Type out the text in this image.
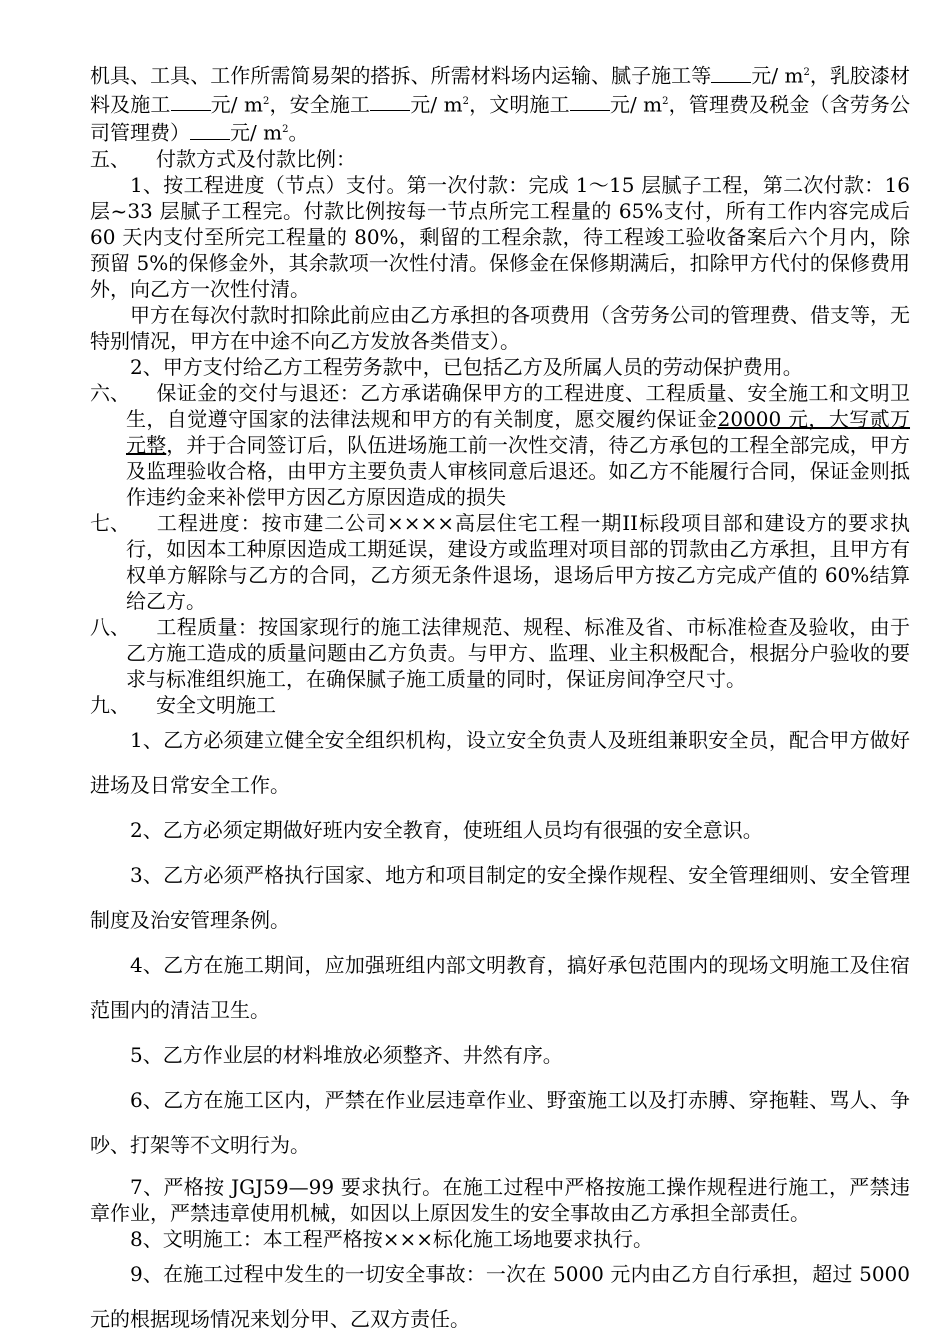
机具、工具、工作所需简易架的搭拆、所需材料场内运输、腻子施工等 元/ $m^2$，乳胶漆材料及施工 元/ $m^2$，安全施工 元/ $m^2$，文明施工 元/ $m^2$，管理费及税金（含劳务公司管理费） 元/ $m^2$。

五、 付款方式及付款比例：

1、按工程进度（节点）支付。第一次付款：完成 1～15 层腻子工程，第二次付款：16 层~33 层腻子工程完。付款比例按每一节点所完工程量的 65%支付，所有工作内容完成后 60 天内支付至所完工程量的 80%，剩留的工程余款，待工程竣工验收备案后六个月内，除预留 5%的保修金外，其余款项一次性付清。保修金在保修期满后，扣除甲方代付的保修费用外，向乙方一次性付清。

甲方在每次付款时扣除此前应由乙方承担的各项费用（含劳务公司的管理费、借支等，无特别情况，甲方在中途不向乙方发放各类借支）。

2、甲方支付给乙方工程劳务款中，已包括乙方及所属人员的劳动保护费用。

六、 保证金的交付与退还：乙方承诺确保甲方的工程进度、工程质量、安全施工和文明卫生，自觉遵守国家的法律法规和甲方的有关制度，愿交履约保证金20000 元，大写贰万元整，并于合同签订后，队伍进场施工前一次性交清，待乙方承包的工程全部完成，甲方及监理验收合格，由甲方主要负责人审核同意后退还。如乙方不能履行合同，保证金则抵作违约金来补偿甲方因乙方原因造成的损失

七、 工程进度：按市建二公司××××高层住宅工程一期II标段项目部和建设方的要求执行，如因本工种原因造成工期延误，建设方或监理对项目部的罚款由乙方承担，且甲方有权单方解除与乙方的合同，乙方须无条件退场，退场后甲方按乙方完成产值的 60%结算给乙方。

八、 工程质量：按国家现行的施工法律规范、规程、标准及省、市标准检查及验收，由于乙方施工造成的质量问题由乙方负责。与甲方、监理、业主积极配合，根据分户验收的要求与标准组织施工，在确保腻子施工质量的同时，保证房间净空尺寸。

九、 安全文明施工

1、乙方必须建立健全安全组织机构，设立安全负责人及班组兼职安全员，配合甲方做好进场及日常安全工作。

2、乙方必须定期做好班内安全教育，使班组人员均有很强的安全意识。

3、乙方必须严格执行国家、地方和项目制定的安全操作规程、安全管理细则、安全管理制度及治安管理条例。

4、乙方在施工期间，应加强班组内部文明教育，搞好承包范围内的现场文明施工及住宿范围内的清洁卫生。

5、乙方作业层的材料堆放必须整齐、井然有序。

6、乙方在施工区内，严禁在作业层违章作业、野蛮施工以及打赤膊、穿拖鞋、骂人、争吵、打架等不文明行为。

7、严格按 JGJ59—99 要求执行。在施工过程中严格按施工操作规程进行施工，严禁违章作业，严禁违章使用机械，如因以上原因发生的安全事故由乙方承担全部责任。

8、文明施工：本工程严格按×××标化施工场地要求执行。

9、在施工过程中发生的一切安全事故：一次在 5000 元内由乙方自行承担，超过 5000 元的根据现场情况来划分甲、乙双方责任。
